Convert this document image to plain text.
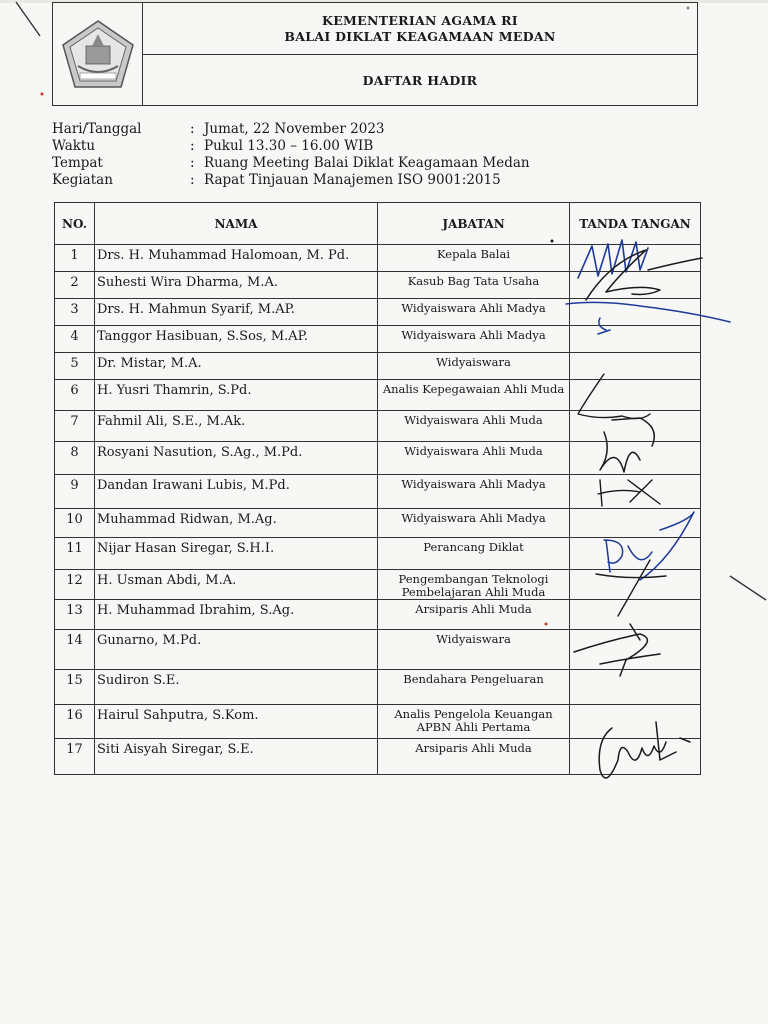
KEMENTERIAN AGAMA RI
BALAI DIKLAT KEAGAMAAN MEDAN
DAFTAR HADIR
Hari/Tanggal	: Jumat, 22 November 2023
Waktu	: Pukul 13.30 – 16.00 WIB
Tempat	: Ruang Meeting Balai Diklat Keagamaan Medan
Kegiatan	: Rapat Tinjauan Manajemen ISO 9001:2015
NO.	NAMA	JABATAN	TANDA TANGAN
1	Drs. H. Muhammad Halomoan, M. Pd.	Kepala Balai	
2	Suhesti Wira Dharma, M.A.	Kasub Bag Tata Usaha	
3	Drs. H. Mahmun Syarif, M.AP.	Widyaiswara Ahli Madya	
4	Tanggor Hasibuan, S.Sos, M.AP.	Widyaiswara Ahli Madya	
5	Dr. Mistar, M.A.	Widyaiswara	
6	H. Yusri Thamrin, S.Pd.	Analis Kepegawaian Ahli Muda	
7	Fahmil Ali, S.E., M.Ak.	Widyaiswara Ahli Muda	
8	Rosyani Nasution, S.Ag., M.Pd.	Widyaiswara Ahli Muda	
9	Dandan Irawani Lubis, M.Pd.	Widyaiswara Ahli Madya	
10	Muhammad Ridwan, M.Ag.	Widyaiswara Ahli Madya	
11	Nijar Hasan Siregar, S.H.I.	Perancang Diklat	
12	H. Usman Abdi, M.A.	Pengembangan Teknologi Pembelajaran Ahli Muda	
13	H. Muhammad Ibrahim, S.Ag.	Arsiparis Ahli Muda	
14	Gunarno, M.Pd.	Widyaiswara	
15	Sudiron S.E.	Bendahara Pengeluaran	
16	Hairul Sahputra, S.Kom.	Analis Pengelola Keuangan APBN Ahli Pertama	
17	Siti Aisyah Siregar, S.E.	Arsiparis Ahli Muda	
